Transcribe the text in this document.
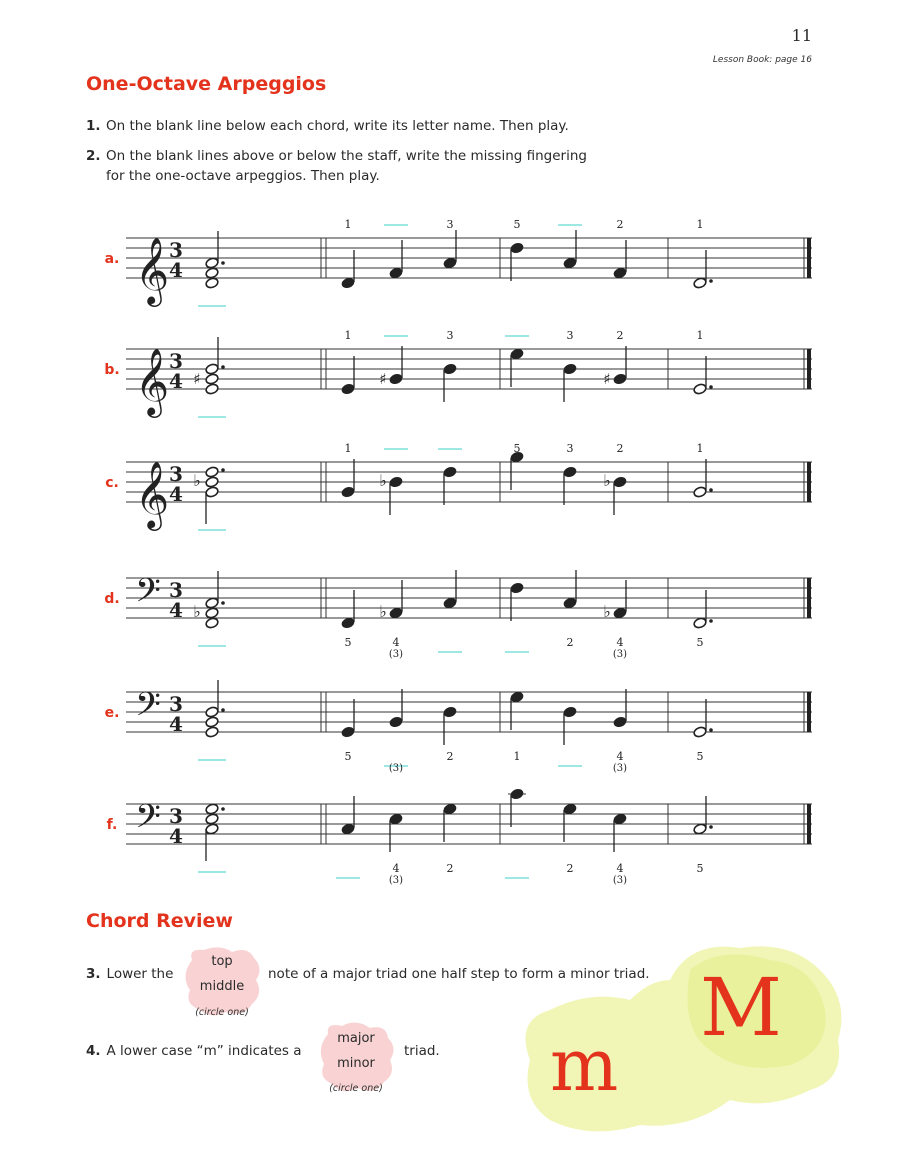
11
Lesson Book: page 16
One-Octave Arpeggios
1. On the blank line below each chord, write its letter name. Then play.
2. On the blank lines above or below the staff, write the missing fingering
for the one-octave arpeggios. Then play.
a. 𝄞 3
4
1	3	5	2	1
b. 𝄞 ♯	♯	♯
3
4
1	3	3	2	1
c. 𝄞 ♭	♭	♭
3
4
1	5	3	2	1
d. 𝄢 ♭	♭	♭
3
4
5	4
(3)
2	4
(3)
5
e. 𝄢 3
4
5
(3)
2	1	4
(3)
5
f. 𝄢 3
4
4
(3)
2	2	4
(3)
5
Chord Review
3. Lower the
top
middle
(circle one)
note of a major triad one half step to form a minor triad.
4. A lower case “m” indicates a
major
minor
(circle one)
triad. m
M
